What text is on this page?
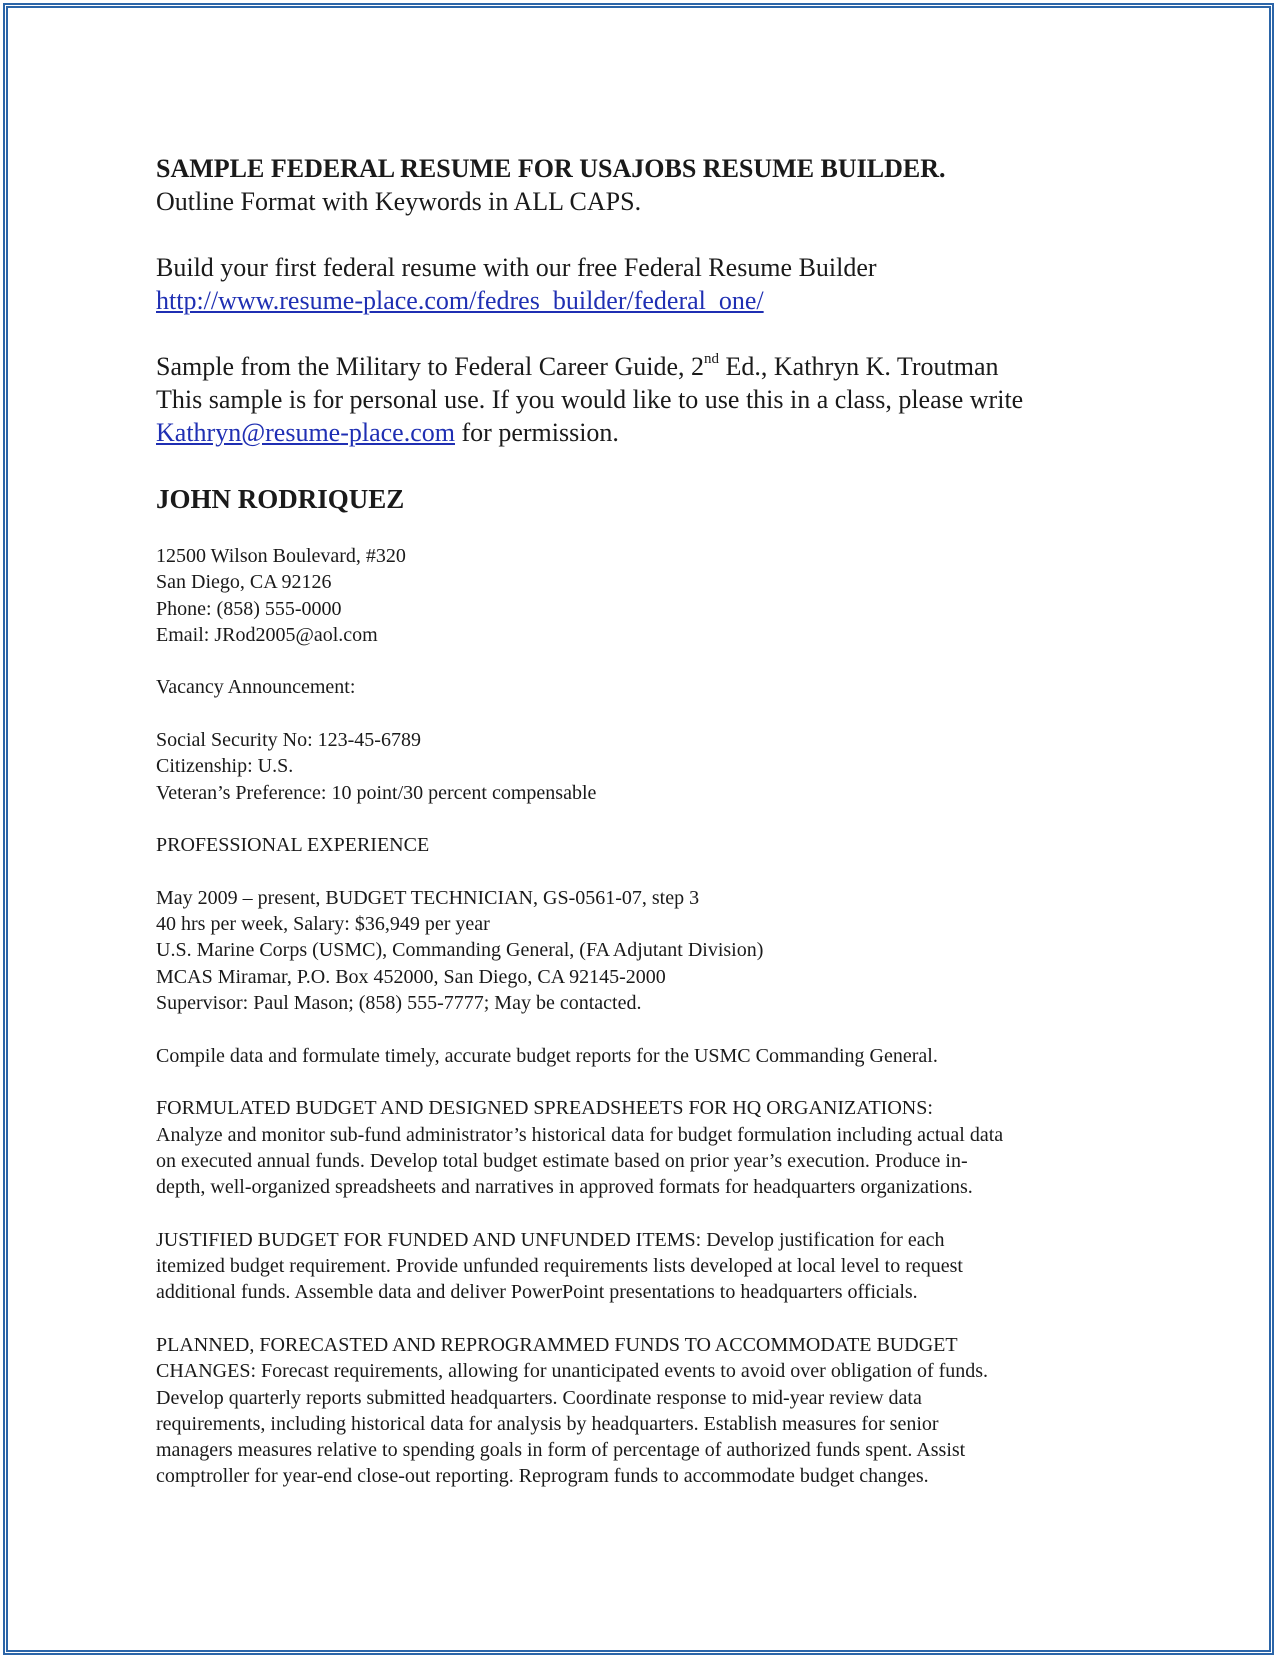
SAMPLE FEDERAL RESUME FOR USAJOBS RESUME BUILDER.

Outline Format with Keywords in ALL CAPS.

Build your first federal resume with our free Federal Resume Builder

http://www.resume-place.com/fedres_builder/federal_one/

Sample from the Military to Federal Career Guide, 2nd Ed., Kathryn K. Troutman

This sample is for personal use. If you would like to use this in a class, please write

Kathryn@resume-place.com for permission.

JOHN RODRIQUEZ

12500 Wilson Boulevard, #320

San Diego, CA 92126

Phone: (858) 555-0000

Email: JRod2005@aol.com

Vacancy Announcement:

Social Security No: 123-45-6789

Citizenship: U.S.

Veteran’s Preference: 10 point/30 percent compensable

PROFESSIONAL EXPERIENCE

May 2009 – present, BUDGET TECHNICIAN, GS-0561-07, step 3

40 hrs per week, Salary: $36,949 per year

U.S. Marine Corps (USMC), Commanding General, (FA Adjutant Division)

MCAS Miramar, P.O. Box 452000, San Diego, CA 92145-2000

Supervisor: Paul Mason; (858) 555-7777; May be contacted.

Compile data and formulate timely, accurate budget reports for the USMC Commanding General.

FORMULATED BUDGET AND DESIGNED SPREADSHEETS FOR HQ ORGANIZATIONS:

Analyze and monitor sub-fund administrator’s historical data for budget formulation including actual data

on executed annual funds. Develop total budget estimate based on prior year’s execution. Produce in-

depth, well-organized spreadsheets and narratives in approved formats for headquarters organizations.

JUSTIFIED BUDGET FOR FUNDED AND UNFUNDED ITEMS: Develop justification for each

itemized budget requirement. Provide unfunded requirements lists developed at local level to request

additional funds. Assemble data and deliver PowerPoint presentations to headquarters officials.

PLANNED, FORECASTED AND REPROGRAMMED FUNDS TO ACCOMMODATE BUDGET

CHANGES: Forecast requirements, allowing for unanticipated events to avoid over obligation of funds.

Develop quarterly reports submitted headquarters. Coordinate response to mid-year review data

requirements, including historical data for analysis by headquarters. Establish measures for senior

managers measures relative to spending goals in form of percentage of authorized funds spent. Assist

comptroller for year-end close-out reporting. Reprogram funds to accommodate budget changes.
